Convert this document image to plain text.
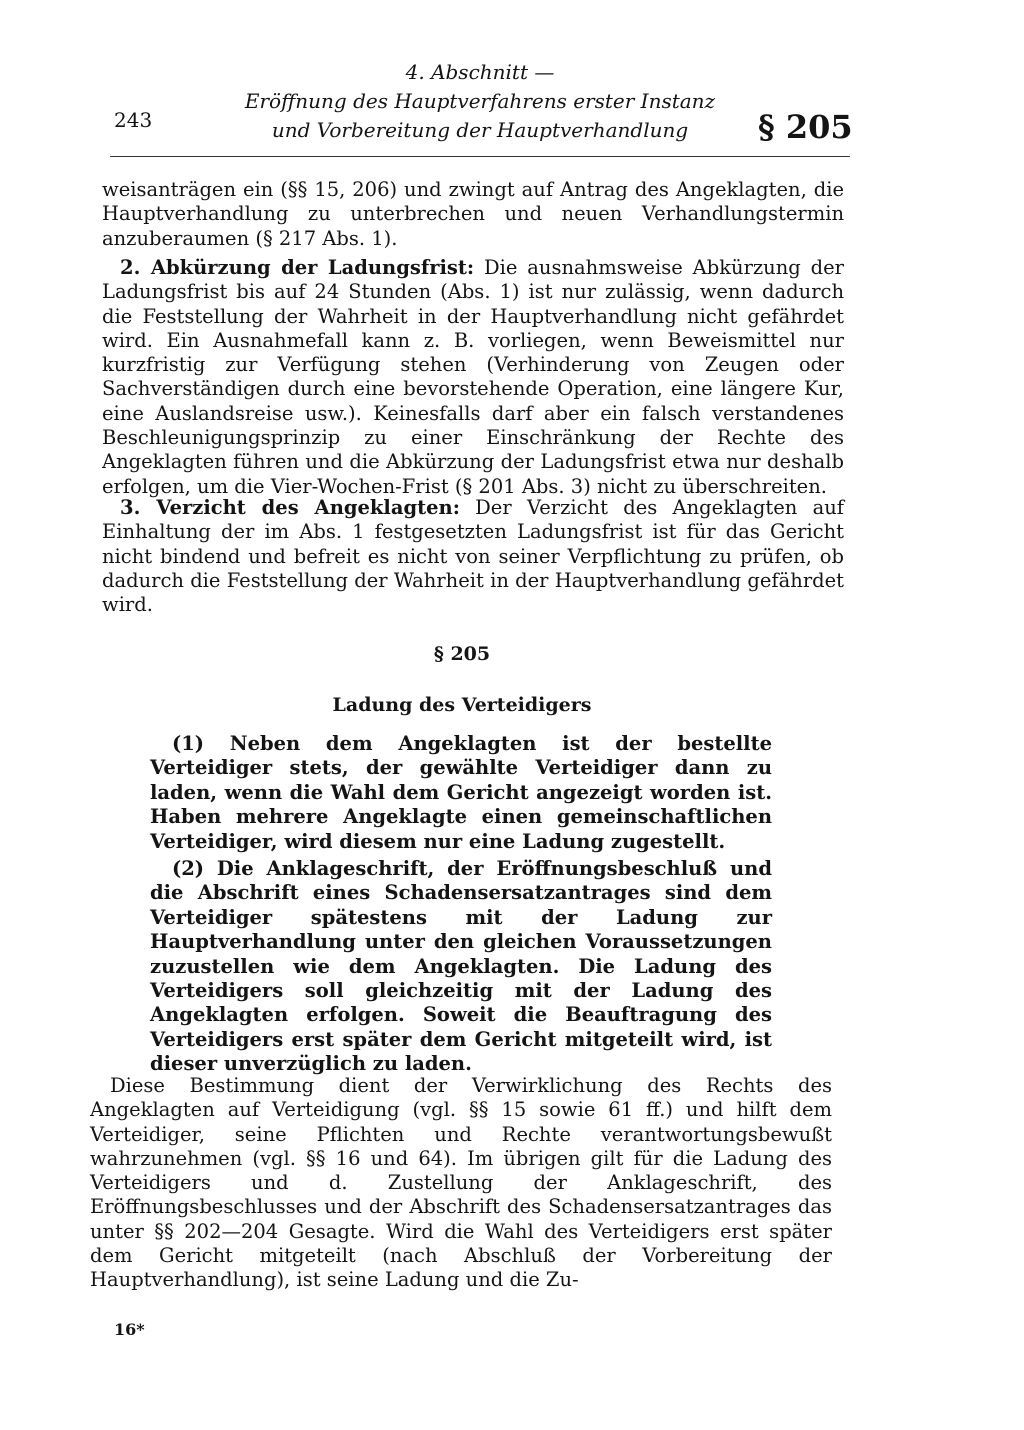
4. Abschnitt —
Eröffnung des Hauptverfahrens erster Instanz
und Vorbereitung der Hauptverhandlung
243	§ 205

weisanträgen ein (§§ 15, 206) und zwingt auf Antrag des Angeklagten, die Hauptverhandlung zu unterbrechen und neuen Verhandlungstermin anzuberaumen (§ 217 Abs. 1).

2. Abkürzung der Ladungsfrist: Die ausnahmsweise Abkürzung der Ladungsfrist bis auf 24 Stunden (Abs. 1) ist nur zulässig, wenn dadurch die Feststellung der Wahrheit in der Hauptverhandlung nicht gefährdet wird. Ein Ausnahmefall kann z. B. vorliegen, wenn Beweismittel nur kurzfristig zur Verfügung stehen (Verhinderung von Zeugen oder Sachverständigen durch eine bevorstehende Operation, eine längere Kur, eine Auslandsreise usw.). Keinesfalls darf aber ein falsch verstandenes Beschleunigungsprinzip zu einer Einschränkung der Rechte des Angeklagten führen und die Abkürzung der Ladungsfrist etwa nur deshalb erfolgen, um die Vier-Wochen-Frist (§ 201 Abs. 3) nicht zu überschreiten.

3. Verzicht des Angeklagten: Der Verzicht des Angeklagten auf Einhaltung der im Abs. 1 festgesetzten Ladungsfrist ist für das Gericht nicht bindend und befreit es nicht von seiner Verpflichtung zu prüfen, ob dadurch die Feststellung der Wahrheit in der Hauptverhandlung gefährdet wird.

§ 205
Ladung des Verteidigers

(1) Neben dem Angeklagten ist der bestellte Verteidiger stets, der gewählte Verteidiger dann zu laden, wenn die Wahl dem Gericht angezeigt worden ist. Haben mehrere Angeklagte einen gemeinschaftlichen Verteidiger, wird diesem nur eine Ladung zugestellt.

(2) Die Anklageschrift, der Eröffnungsbeschluß und die Abschrift eines Schadensersatzantrages sind dem Verteidiger spätestens mit der Ladung zur Hauptverhandlung unter den gleichen Voraussetzungen zuzustellen wie dem Angeklagten. Die Ladung des Verteidigers soll gleichzeitig mit der Ladung des Angeklagten erfolgen. Soweit die Beauftragung des Verteidigers erst später dem Gericht mitgeteilt wird, ist dieser unverzüglich zu laden.

Diese Bestimmung dient der Verwirklichung des Rechts des Angeklagten auf Verteidigung (vgl. §§ 15 sowie 61 ff.) und hilft dem Verteidiger, seine Pflichten und Rechte verantwortungsbewußt wahrzunehmen (vgl. §§ 16 und 64). Im übrigen gilt für die Ladung des Verteidigers und d. Zustellung der Anklageschrift, des Eröffnungsbeschlusses und der Abschrift des Schadensersatzantrages das unter §§ 202—204 Gesagte. Wird die Wahl des Verteidigers erst später dem Gericht mitgeteilt (nach Abschluß der Vorbereitung der Hauptverhandlung), ist seine Ladung und die Zu-

16*
